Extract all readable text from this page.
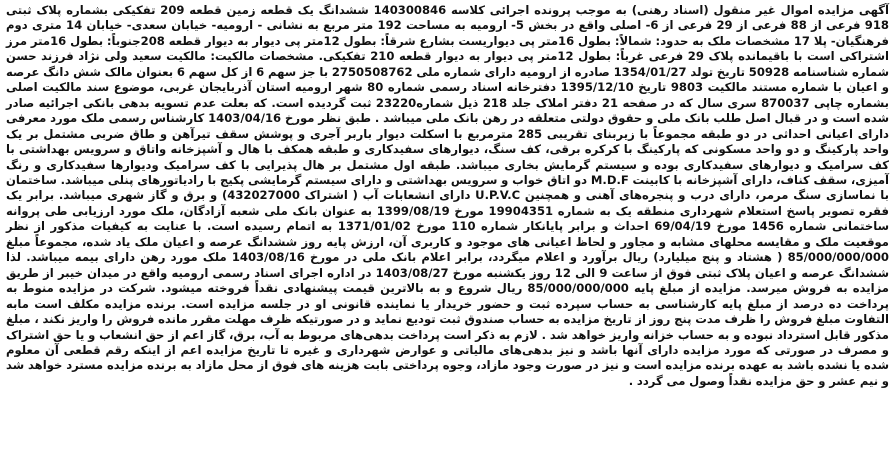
آگهی مزایده اموال غیر منقول (اسناد رهنی) به موجب پرونده اجرائی کلاسه 140300846 ششدانگ یک قطعه زمین قطعه 209 تفکیکی بشماره پلاک ثبتی 918 فرعی از 88 فرعی از 29 فرعی از 6- اصلی واقع در بخش 5- ارومیه به مساحت 192 متر مربع به نشانی - ارومیه- خیابان سعدی- خیابان 14 متری دوم فرهنگیان- پلا 17 مشخصات ملک به حدود: شمالاً: بطول 16متر پی دیواریست بشارع شرقاً: بطول 12متر پی دیوار به دیوار قطعه 208جنوباً: بطول 16متر مرز اشتراکی است با باقیمانده پلاک 29 فرعی غرباً: بطول 12متر پی دیوار به دیوار قطعه 210 تفکیکی. مشخصات مالکیت: مالکیت سعید ولی نژاد فرزند حسن شماره شناسنامه 50928 تاریخ تولد 1354/01/27 صادره از ارومیه دارای شماره ملی 2750508762 با جز سهم 6 از کل سهم 6 بعنوان مالک شش دانگ عرصه و اعیان با شماره مستند مالکیت 9803 تاریخ 1395/12/10 دفترخانه اسناد رسمی شماره 80 شهر ارومیه استان آذربایجان غربی، موضوع سند مالکیت اصلی بشماره چاپی 870037 سری سال که در صفحه 21 دفتر املاک جلد 218 ذیل شماره23220 ثبت گردیده است. که بعلت عدم تسویه بدهی بانکی اجرائیه صادر شده است و در قبال اصل طلب بانک ملی و حقوق دولتی متعلقه در رهن بانک ملی میباشد . طبق نظر مورخ 1403/04/16 کارشناس رسمی ملک مورد معرفی دارای اعیانی احداثی در دو طبقه مجموعاً با زیربنای تقریبی 285 مترمربع با اسکلت دیوار باربر آجری و پوشش سقف تیرآهن و طاق ضربی مشتمل بر یک واحد پارکینگ و دو واحد مسکونی که پارکینگ با کرکره برقی، کف سنگ، دیوارهای سفیدکاری و طبقه همکف با هال و آشپزخانه واتاق و سرویس بهداشتی با کف سرامیک و دیوارهای سفیدکاری بوده و سیستم گرمایش بخاری میباشد. طبقه اول مشتمل بر هال پذیرایی با کف سرامیک ودیوارها سفیدکاری و رنگ آمیزی، سقف کناف، دارای آشپزخانه با کابینت M.D.F دو اتاق خواب و سرویس بهداشتی و دارای سیستم گرمایشی پکیج با رادیاتورهای پنلی میباشد. ساختمان با نماسازی سنگ مرمر، دارای درب و پنجره‌های آهنی و همچنین U.P.V.C دارای انشعابات آب ( اشتراک 432027000) و برق و گاز شهری میباشد. برابر یک فقره تصویر پاسخ استعلام شهرداری منطقه یک به شماره 19904351 مورخ 1399/08/19 به عنوان بانک ملی شعبه آزادگان، ملک مورد ارزیابی طی پروانه ساختمانی شماره 1456 مورخ 69/04/19 احداث و برابر پایانکار شماره 110 مورخ 1371/01/02 به اتمام رسیده است. با عنایت به کیفیات مذکور از نظر موقعیت ملک و مقایسه محلهای مشابه و مجاور و لحاظ اعیانی های موجود و کاربری آن، ارزش پایه روز ششدانگ عرصه و اعیان ملک یاد شده، مجموعاً مبلغ 85/000/000/000 ( هشتاد و پنج میلیارد) ریال برآورد و اعلام میگردد، برابر اعلام بانک ملی در مورخ 1403/08/16 ملک مورد رهن دارای بیمه میباشد. لذا ششدانگ عرصه و اعیان پلاک ثبتی فوق از ساعت 9 الی 12 روز یکشنبه مورخ 1403/08/27 در اداره اجرای اسناد رسمی ارومیه واقع در میدان خیبر از طریق مزایده به فروش میرسد. مزایده از مبلغ پایه 85/000/000/000 ریال شروع و به بالاترین قیمت پیشنهادی نقداً فروخته میشود. شرکت در مزایده منوط به پرداخت ده درصد از مبلغ پایه کارشناسی به حساب سپرده ثبت و حضور خریدار یا نماینده قانونی او در جلسه مزایده است. برنده مزایده مکلف است مابه التفاوت مبلغ فروش را ظرف مدت پنج روز از تاریخ مزایده به حساب صندوق ثبت تودیع نماید و در صورتیکه ظرف مهلت مقرر مانده فروش را واریز نکند ، مبلغ مذکور قابل استرداد نبوده و به حساب خزانه واریز خواهد شد . لازم به ذکر است پرداخت بدهی‌های مربوط به آب، برق، گاز اعم از حق انشعاب و یا حق اشتراک و مصرف در صورتی که مورد مزایده دارای آنها باشد و نیز بدهی‌های مالیاتی و عوارض شهرداری و غیره تا تاریخ مزایده اعم از اینکه رقم قطعی آن معلوم شده یا نشده باشد به عهده برنده مزایده است و نیز در صورت وجود مازاد، وجوه پرداختی بابت هزینه های فوق از محل مازاد به برنده مزایده مسترد خواهد شد و نیم عشر و حق مزایده نقداً وصول می گردد .
